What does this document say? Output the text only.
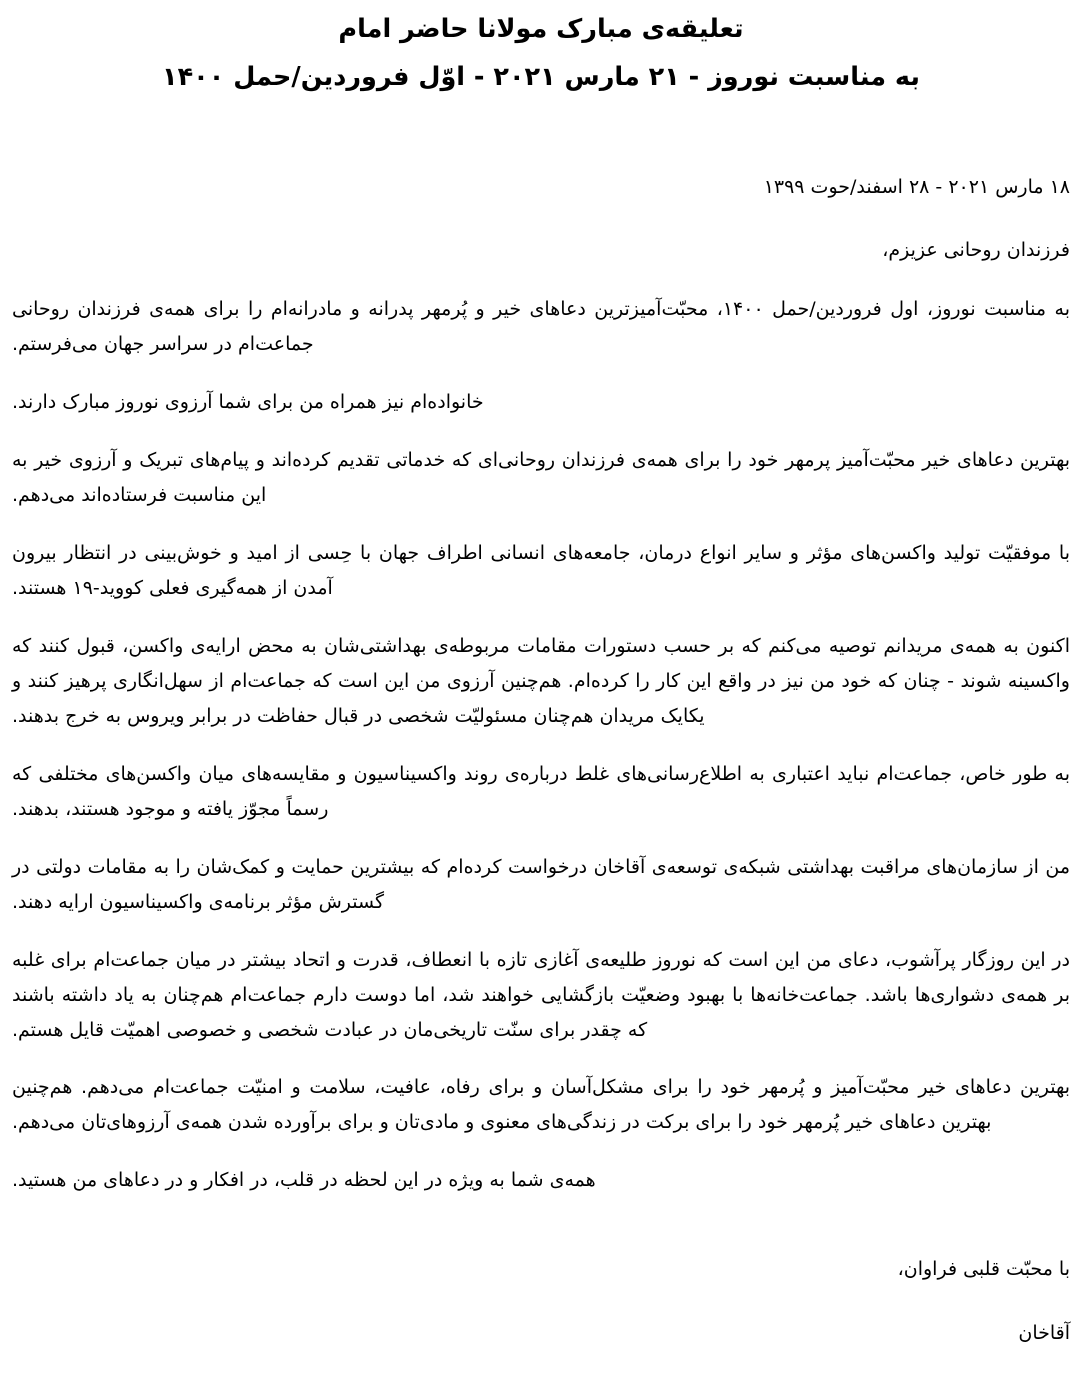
تعلیقه‌ی مبارک مولانا حاضر امام
به مناسبت نوروز - ۲۱ مارس ۲۰۲۱ - اوّل فروردین/حمل ۱۴۰۰
۱۸ مارس ۲۰۲۱ - ۲۸ اسفند/حوت ۱۳۹۹
فرزندان روحانی عزیزم،

به مناسبت نوروز، اول فروردین/حمل ۱۴۰۰، محبّت‌آمیزترین دعاهای خیر و پُرمهر پدرانه و مادرانه‌ام را برای همه‌ی فرزندان روحانی جماعت‌ام در سراسر جهان می‌فرستم.

خانواده‌ام نیز همراه من برای شما آرزوی نوروز مبارک دارند.

بهترین دعاهای خیر محبّت‌آمیز پرمهر خود را برای همه‌ی فرزندان روحانی‌ای که خدماتی تقدیم کرده‌اند و پیام‌های تبریک و آرزوی خیر به این مناسبت فرستاده‌اند می‌دهم.

با موفقیّت تولید واکسن‌های مؤثر و سایر انواع درمان، جامعه‌های انسانی اطراف جهان با حِسی از امید و خوش‌بینی در انتظار بیرون آمدن از همه‌گیری فعلی کووید-۱۹ هستند.

اکنون به همه‌ی مریدانم توصیه می‌کنم که بر حسب دستورات مقامات مربوطه‌ی بهداشتی‌شان به محض ارایه‌ی واکسن، قبول کنند که واکسینه شوند - چنان که خود من نیز در واقع این کار را کرده‌ام. هم‌چنین آرزوی من این است که جماعت‌ام از سهل‌انگاری پرهیز کنند و یکایک مریدان هم‌چنان مسئولیّت شخصی در قبال حفاظت در برابر ویروس به خرج بدهند.

به طور خاص، جماعت‌ام نباید اعتباری به اطلاع‌رسانی‌های غلط درباره‌ی روند واکسیناسیون و مقایسه‌های میان واکسن‌های مختلفی که رسماً مجوّز یافته و موجود هستند، بدهند.

من از سازمان‌های مراقبت بهداشتی شبکه‌ی توسعه‌ی آقاخان درخواست کرده‌ام که بیشترین حمایت و کمک‌شان را به مقامات دولتی در گسترش مؤثر برنامه‌ی واکسیناسیون ارایه دهند.

در این روزگار پرآشوب، دعای من این است که نوروز طلیعه‌ی آغازی تازه با انعطاف، قدرت و اتحاد بیشتر در میان جماعت‌ام برای غلبه بر همه‌ی دشواری‌ها باشد. جماعت‌خانه‌ها با بهبود وضعیّت بازگشایی خواهند شد، اما دوست دارم جماعت‌ام هم‌چنان به یاد داشته باشند که چقدر برای سنّت تاریخی‌مان در عبادت شخصی و خصوصی اهمیّت قایل هستم.

بهترین دعاهای خیر محبّت‌آمیز و پُرمهر خود را برای مشکل‌آسان و برای رفاه، عافیت، سلامت و امنیّت جماعت‌ام می‌دهم. هم‌چنین بهترین دعاهای خیر پُرمهر خود را برای برکت در زندگی‌های معنوی و مادی‌تان و برای برآورده شدن همه‌ی آرزوهای‌تان می‌دهم.

همه‌ی شما به ویژه در این لحظه در قلب، در افکار و در دعاهای من هستید.

با محبّت قلبی فراوان،
آقاخان
